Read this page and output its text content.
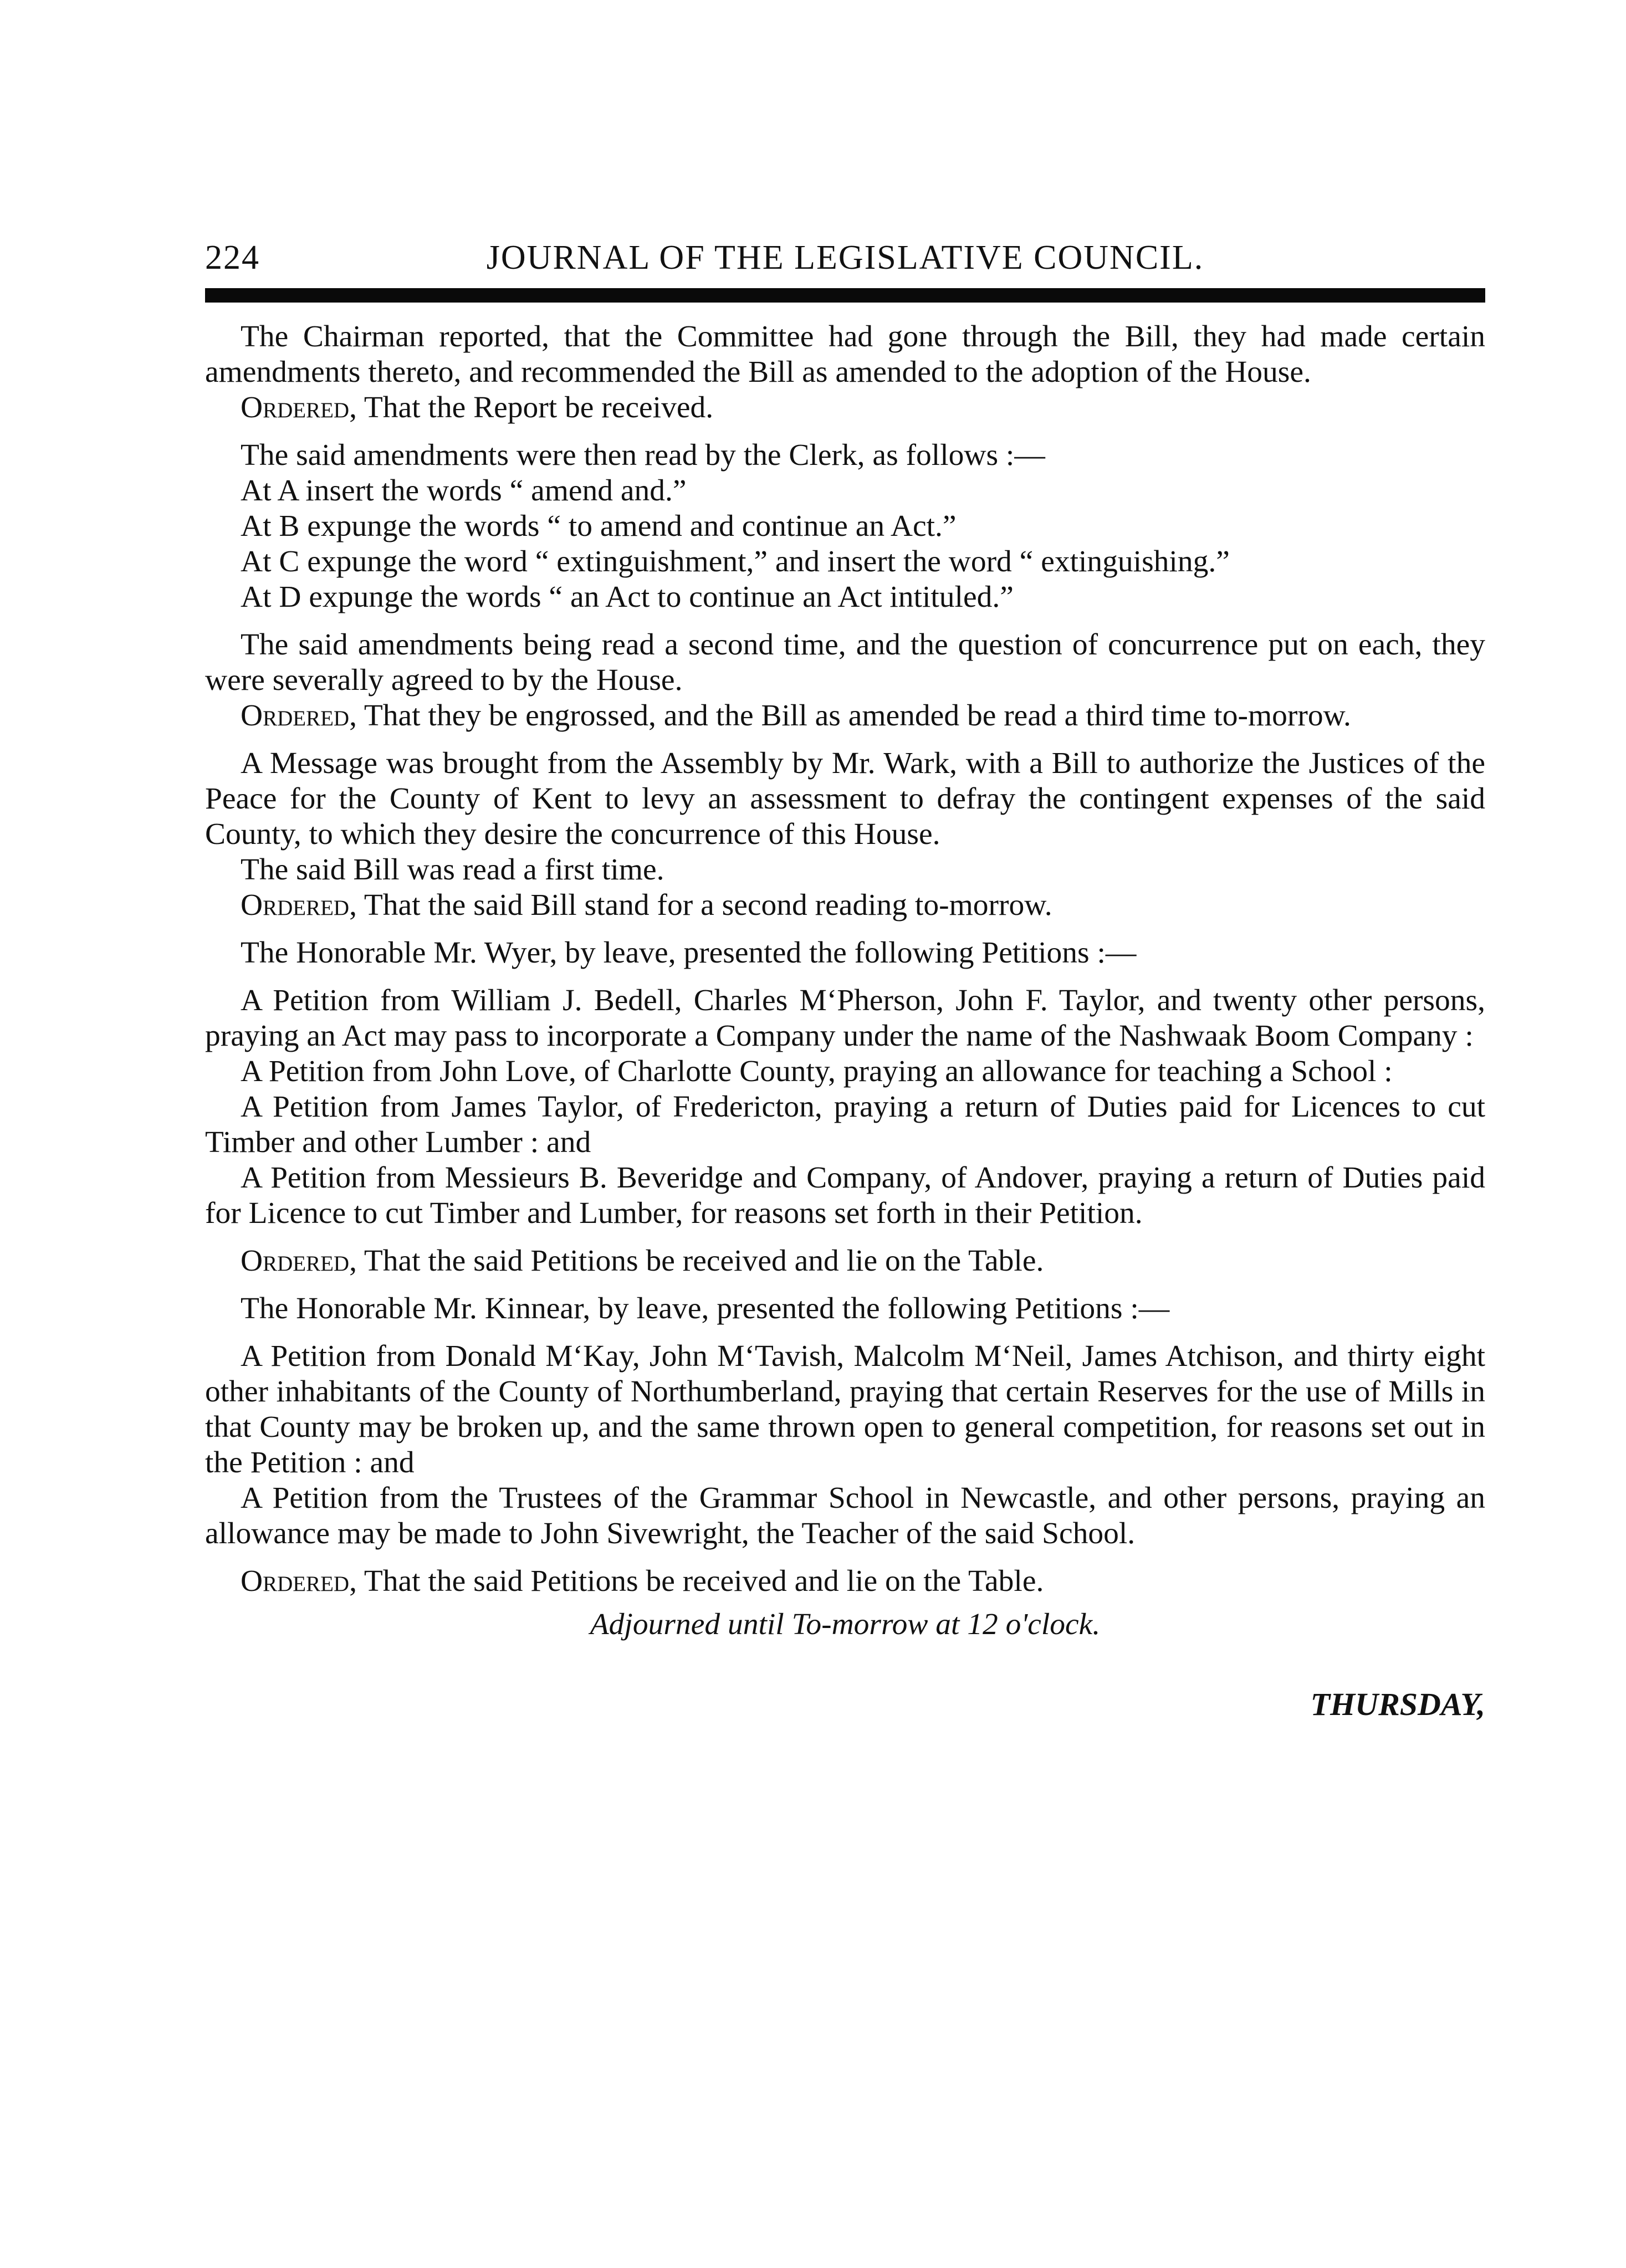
224	JOURNAL OF THE LEGISLATIVE COUNCIL.

The Chairman reported, that the Committee had gone through the Bill, they had made certain amendments thereto, and recommended the Bill as amended to the adoption of the House.

Ordered, That the Report be received.

The said amendments were then read by the Clerk, as follows :—

At A insert the words “ amend and.”

At B expunge the words “ to amend and continue an Act.”

At C expunge the word “ extinguishment,” and insert the word “ extinguishing.”

At D expunge the words “ an Act to continue an Act intituled.”

The said amendments being read a second time, and the question of concurrence put on each, they were severally agreed to by the House.

Ordered, That they be engrossed, and the Bill as amended be read a third time to-morrow.

A Message was brought from the Assembly by Mr. Wark, with a Bill to authorize the Justices of the Peace for the County of Kent to levy an assessment to defray the contingent expenses of the said County, to which they desire the concurrence of this House.

The said Bill was read a first time.

Ordered, That the said Bill stand for a second reading to-morrow.

The Honorable Mr. Wyer, by leave, presented the following Petitions :—

A Petition from William J. Bedell, Charles M‘Pherson, John F. Taylor, and twenty other persons, praying an Act may pass to incorporate a Company under the name of the Nashwaak Boom Company :

A Petition from John Love, of Charlotte County, praying an allowance for teaching a School :

A Petition from James Taylor, of Fredericton, praying a return of Duties paid for Licences to cut Timber and other Lumber : and

A Petition from Messieurs B. Beveridge and Company, of Andover, praying a return of Duties paid for Licence to cut Timber and Lumber, for reasons set forth in their Petition.

Ordered, That the said Petitions be received and lie on the Table.

The Honorable Mr. Kinnear, by leave, presented the following Petitions :—

A Petition from Donald M‘Kay, John M‘Tavish, Malcolm M‘Neil, James Atchison, and thirty eight other inhabitants of the County of Northumberland, praying that certain Reserves for the use of Mills in that County may be broken up, and the same thrown open to general competition, for reasons set out in the Petition : and

A Petition from the Trustees of the Grammar School in Newcastle, and other persons, praying an allowance may be made to John Sivewright, the Teacher of the said School.

Ordered, That the said Petitions be received and lie on the Table.

Adjourned until To-morrow at 12 o'clock.

THURSDAY,
